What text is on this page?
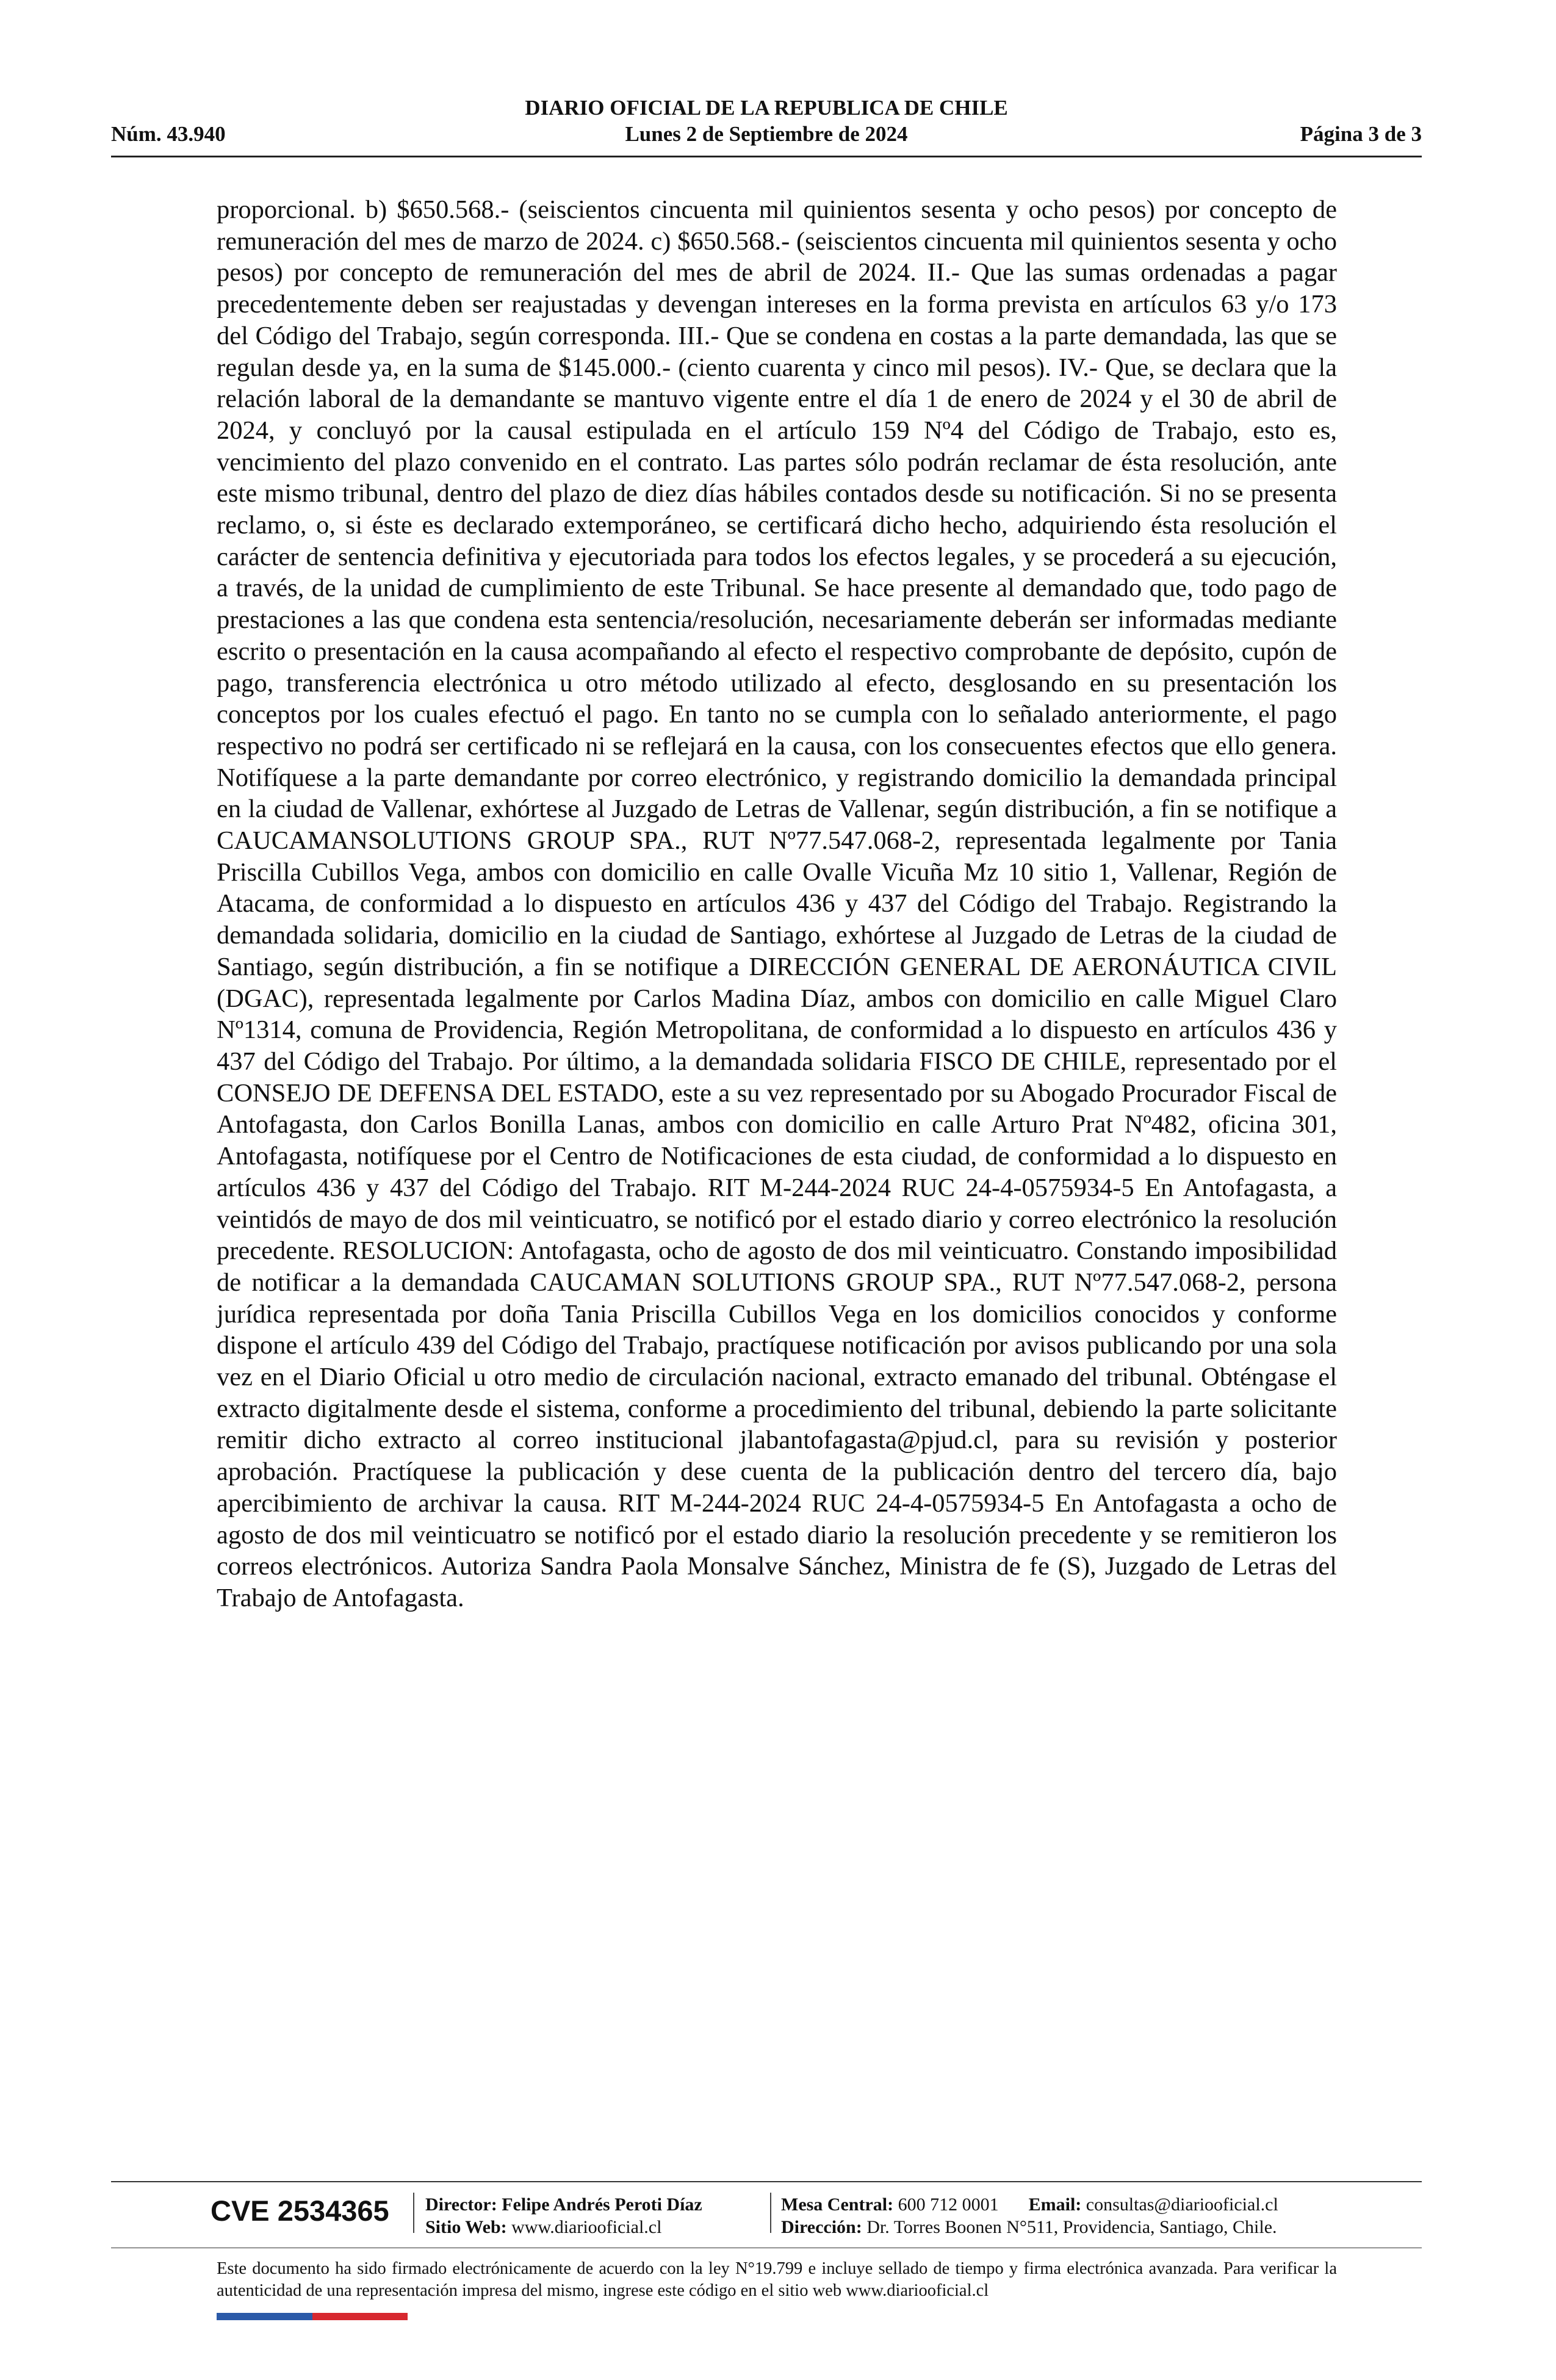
DIARIO OFICIAL DE LA REPUBLICA DE CHILE
Núm. 43.940	Lunes 2 de Septiembre de 2024	Página 3 de 3

proporcional. b) $650.568.- (seiscientos cincuenta mil quinientos sesenta y ocho pesos) por concepto de remuneración del mes de marzo de 2024. c) $650.568.- (seiscientos cincuenta mil quinientos sesenta y ocho pesos) por concepto de remuneración del mes de abril de 2024. II.- Que las sumas ordenadas a pagar precedentemente deben ser reajustadas y devengan intereses en la forma prevista en artículos 63 y/o 173 del Código del Trabajo, según corresponda. III.- Que se condena en costas a la parte demandada, las que se regulan desde ya, en la suma de $145.000.- (ciento cuarenta y cinco mil pesos). IV.- Que, se declara que la relación laboral de la demandante se mantuvo vigente entre el día 1 de enero de 2024 y el 30 de abril de 2024, y concluyó por la causal estipulada en el artículo 159 Nº4 del Código de Trabajo, esto es, vencimiento del plazo convenido en el contrato. Las partes sólo podrán reclamar de ésta resolución, ante este mismo tribunal, dentro del plazo de diez días hábiles contados desde su notificación. Si no se presenta reclamo, o, si éste es declarado extemporáneo, se certificará dicho hecho, adquiriendo ésta resolución el carácter de sentencia definitiva y ejecutoriada para todos los efectos legales, y se procederá a su ejecución, a través, de la unidad de cumplimiento de este Tribunal. Se hace presente al demandado que, todo pago de prestaciones a las que condena esta sentencia/resolución, necesariamente deberán ser informadas mediante escrito o presentación en la causa acompañando al efecto el respectivo comprobante de depósito, cupón de pago, transferencia electrónica u otro método utilizado al efecto, desglosando en su presentación los conceptos por los cuales efectuó el pago. En tanto no se cumpla con lo señalado anteriormente, el pago respectivo no podrá ser certificado ni se reflejará en la causa, con los consecuentes efectos que ello genera. Notifíquese a la parte demandante por correo electrónico, y registrando domicilio la demandada principal en la ciudad de Vallenar, exhórtese al Juzgado de Letras de Vallenar, según distribución, a fin se notifique a CAUCAMANSOLUTIONS GROUP SPA., RUT Nº77.547.068-2, representada legalmente por Tania Priscilla Cubillos Vega, ambos con domicilio en calle Ovalle Vicuña Mz 10 sitio 1, Vallenar, Región de Atacama, de conformidad a lo dispuesto en artículos 436 y 437 del Código del Trabajo. Registrando la demandada solidaria, domicilio en la ciudad de Santiago, exhórtese al Juzgado de Letras de la ciudad de Santiago, según distribución, a fin se notifique a DIRECCIÓN GENERAL DE AERONÁUTICA CIVIL (DGAC), representada legalmente por Carlos Madina Díaz, ambos con domicilio en calle Miguel Claro Nº1314, comuna de Providencia, Región Metropolitana, de conformidad a lo dispuesto en artículos 436 y 437 del Código del Trabajo. Por último, a la demandada solidaria FISCO DE CHILE, representado por el CONSEJO DE DEFENSA DEL ESTADO, este a su vez representado por su Abogado Procurador Fiscal de Antofagasta, don Carlos Bonilla Lanas, ambos con domicilio en calle Arturo Prat Nº482, oficina 301, Antofagasta, notifíquese por el Centro de Notificaciones de esta ciudad, de conformidad a lo dispuesto en artículos 436 y 437 del Código del Trabajo. RIT M-244-2024 RUC 24-4-0575934-5 En Antofagasta, a veintidós de mayo de dos mil veinticuatro, se notificó por el estado diario y correo electrónico la resolución precedente. RESOLUCION: Antofagasta, ocho de agosto de dos mil veinticuatro. Constando imposibilidad de notificar a la demandada CAUCAMAN SOLUTIONS GROUP SPA., RUT Nº77.547.068-2, persona jurídica representada por doña Tania Priscilla Cubillos Vega en los domicilios conocidos y conforme dispone el artículo 439 del Código del Trabajo, practíquese notificación por avisos publicando por una sola vez en el Diario Oficial u otro medio de circulación nacional, extracto emanado del tribunal. Obténgase el extracto digitalmente desde el sistema, conforme a procedimiento del tribunal, debiendo la parte solicitante remitir dicho extracto al correo institucional jlabantofagasta@pjud.cl, para su revisión y posterior aprobación. Practíquese la publicación y dese cuenta de la publicación dentro del tercero día, bajo apercibimiento de archivar la causa. RIT M-244-2024 RUC 24-4-0575934-5 En Antofagasta a ocho de agosto de dos mil veinticuatro se notificó por el estado diario la resolución precedente y se remitieron los correos electrónicos. Autoriza Sandra Paola Monsalve Sánchez, Ministra de fe (S), Juzgado de Letras del Trabajo de Antofagasta.

CVE 2534365 Director: Felipe Andrés Peroti Díaz
Sitio Web: www.diariooficial.cl
Mesa Central: 600 712 0001 Email: consultas@diariooficial.cl
Dirección: Dr. Torres Boonen N°511, Providencia, Santiago, Chile.

Este documento ha sido firmado electrónicamente de acuerdo con la ley N°19.799 e incluye sellado de tiempo y firma electrónica avanzada. Para verificar la autenticidad de una representación impresa del mismo, ingrese este código en el sitio web www.diariooficial.cl
